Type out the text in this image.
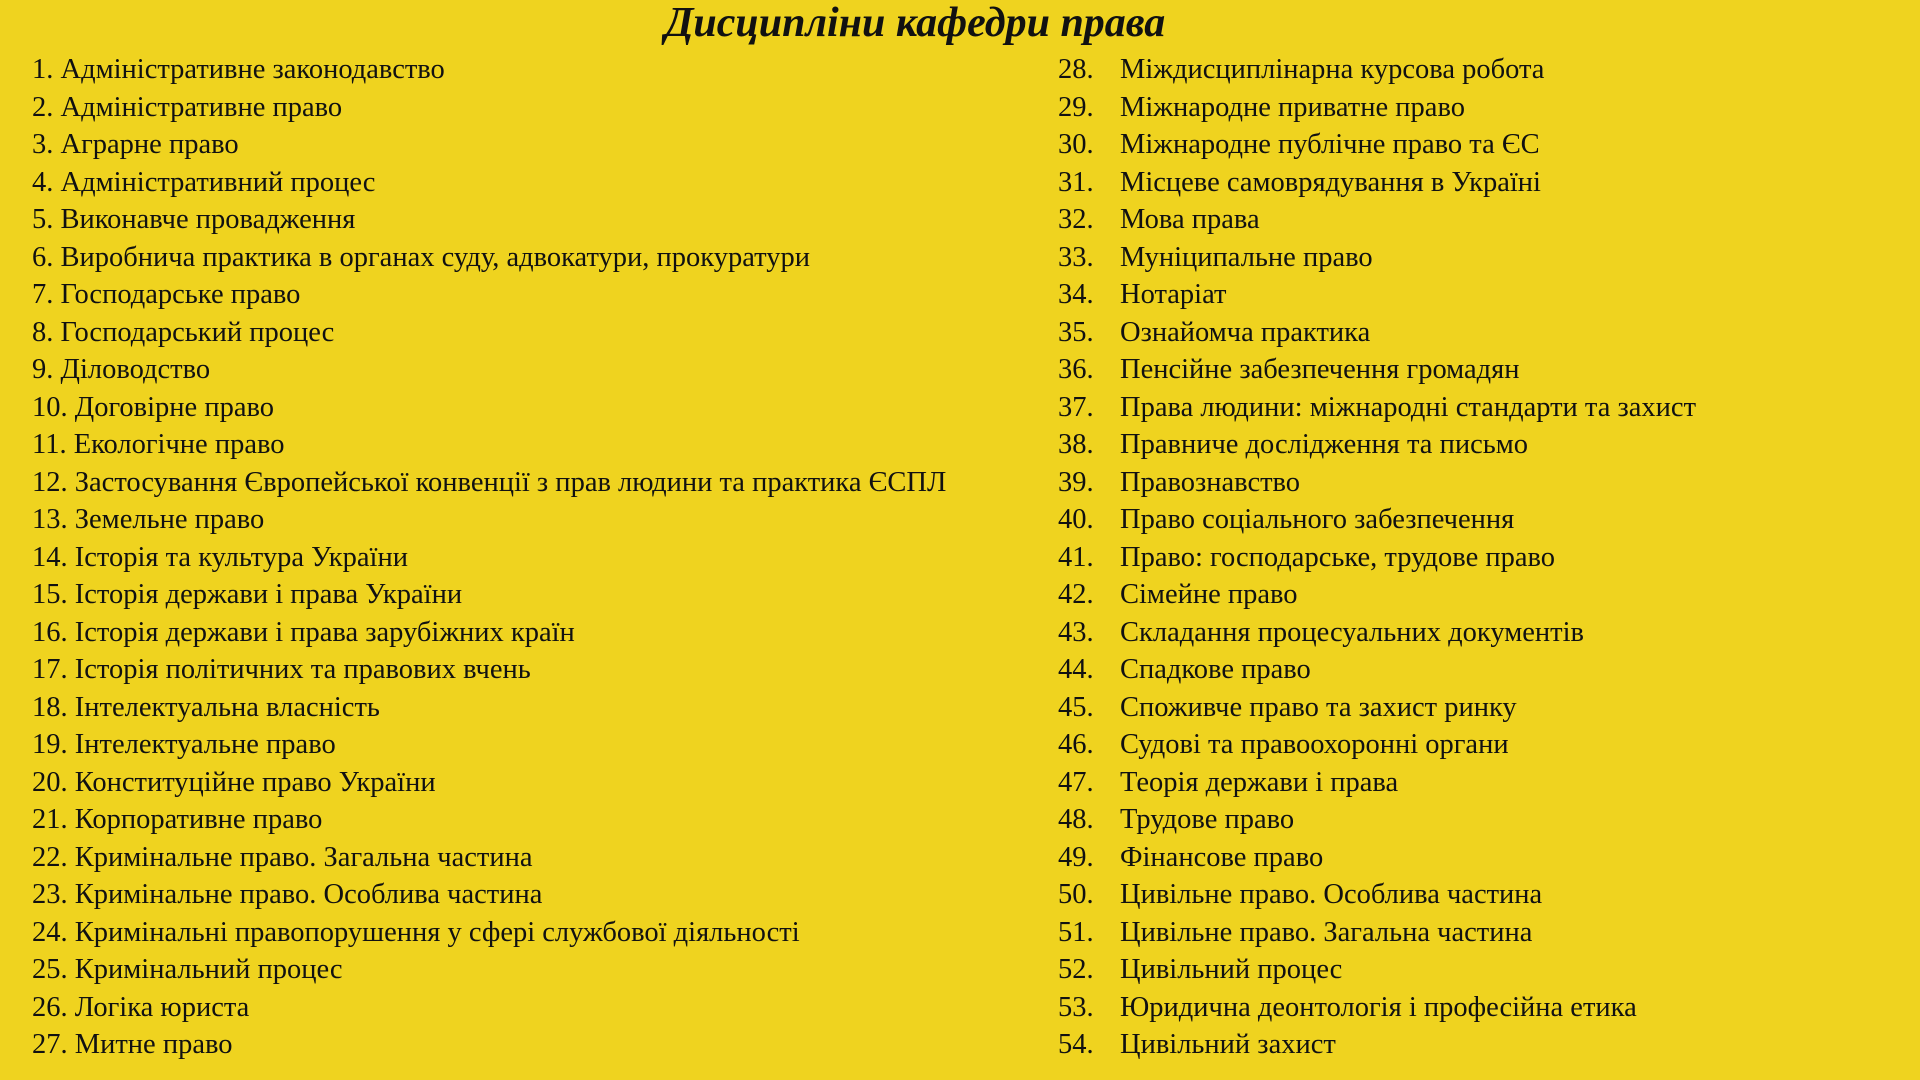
Дисципліни кафедри права
1. Адміністративне законодавство
2. Адміністративне право
3. Аграрне право
4. Адміністративний процес
5. Виконавче провадження
6. Виробнича практика в органах суду, адвокатури, прокуратури
7. Господарське право
8. Господарський процес
9. Діловодство
10. Договірне право
11. Екологічне право
12. Застосування Європейської конвенції з прав людини та практика ЄСПЛ
13. Земельне право
14. Історія та культура України
15. Історія держави і права України
16. Історія держави і права зарубіжних країн
17. Історія політичних та правових вчень
18. Інтелектуальна власність
19. Інтелектуальне право
20. Конституційне право України
21. Корпоративне право
22. Кримінальне право. Загальна частина
23. Кримінальне право. Особлива частина
24. Кримінальні правопорушення у сфері службової діяльності
25. Кримінальний процес
26. Логіка юриста
27. Митне право
28. Міждисциплінарна курсова робота
29. Міжнародне приватне право
30. Міжнародне публічне право та ЄС
31. Місцеве самоврядування в Україні
32. Мова права
33. Муніципальне право
34. Нотаріат
35. Ознайомча практика
36. Пенсійне забезпечення громадян
37. Права людини: міжнародні стандарти та захист
38. Правниче дослідження та письмо
39. Правознавство
40. Право соціального забезпечення
41. Право: господарське, трудове право
42. Сімейне право
43. Складання процесуальних документів
44. Спадкове право
45. Споживче право та захист ринку
46. Судові та правоохоронні органи
47. Теорія держави і права
48. Трудове право
49. Фінансове право
50. Цивільне право. Особлива частина
51. Цивільне право. Загальна частина
52. Цивільний процес
53. Юридична деонтологія і професійна етика
54. Цивільний захист
